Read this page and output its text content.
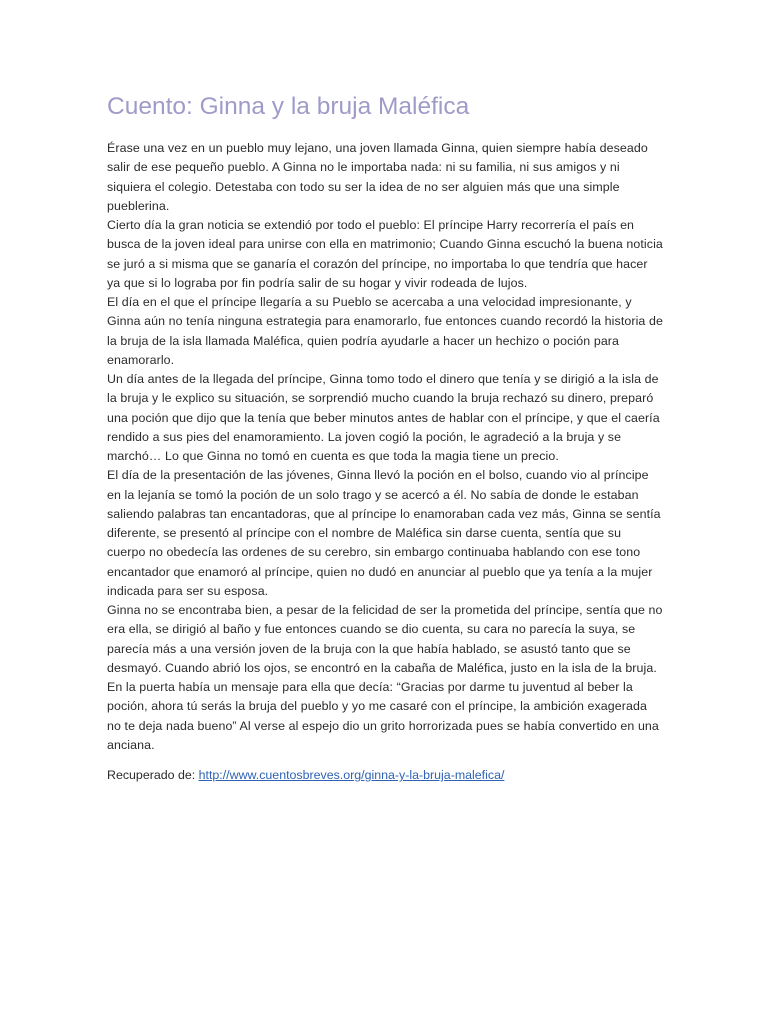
Cuento: Ginna y la bruja Maléfica

Érase una vez en un pueblo muy lejano, una joven llamada Ginna, quien siempre había deseado salir de ese pequeño pueblo. A Ginna no le importaba nada: ni su familia, ni sus amigos y ni siquiera el colegio. Detestaba con todo su ser la idea de no ser alguien más que una simple pueblerina.

Cierto día la gran noticia se extendió por todo el pueblo: El príncipe Harry recorrería el país en busca de la joven ideal para unirse con ella en matrimonio; Cuando Ginna escuchó la buena noticia se juró a si misma que se ganaría el corazón del príncipe, no importaba lo que tendría que hacer ya que si lo lograba por fin podría salir de su hogar y vivir rodeada de lujos.

El día en el que el príncipe llegaría a su Pueblo se acercaba a una velocidad impresionante, y Ginna aún no tenía ninguna estrategia para enamorarlo, fue entonces cuando recordó la historia de la bruja de la isla llamada Maléfica, quien podría ayudarle a hacer un hechizo o poción para enamorarlo.

Un día antes de la llegada del príncipe, Ginna tomo todo el dinero que tenía y se dirigió a la isla de la bruja y le explico su situación, se sorprendió mucho cuando la bruja rechazó su dinero, preparó una poción que dijo que la tenía que beber minutos antes de hablar con el príncipe, y que el caería rendido a sus pies del enamoramiento. La joven cogió la poción, le agradeció a la bruja y se marchó… Lo que Ginna no tomó en cuenta es que toda la magia tiene un precio.

El día de la presentación de las jóvenes, Ginna llevó la poción en el bolso, cuando vio al príncipe en la lejanía se tomó la poción de un solo trago y se acercó a él. No sabía de donde le estaban saliendo palabras tan encantadoras, que al príncipe lo enamoraban cada vez más, Ginna se sentía diferente, se presentó al príncipe con el nombre de Maléfica sin darse cuenta, sentía que su cuerpo no obedecía las ordenes de su cerebro, sin embargo continuaba hablando con ese tono encantador que enamoró al príncipe, quien no dudó en anunciar al pueblo que ya tenía a la mujer indicada para ser su esposa.

Ginna no se encontraba bien, a pesar de la felicidad de ser la prometida del príncipe, sentía que no era ella, se dirigió al baño y fue entonces cuando se dio cuenta, su cara no parecía la suya, se parecía más a una versión joven de la bruja con la que había hablado, se asustó tanto que se desmayó. Cuando abrió los ojos, se encontró en la cabaña de Maléfica, justo en la isla de la bruja. En la puerta había un mensaje para ella que decía: “Gracias por darme tu juventud al beber la poción, ahora tú serás la bruja del pueblo y yo me casaré con el príncipe, la ambición exagerada no te deja nada bueno” Al verse al espejo dio un grito horrorizada pues se había convertido en una anciana.

Recuperado de: http://www.cuentosbreves.org/ginna-y-la-bruja-malefica/
